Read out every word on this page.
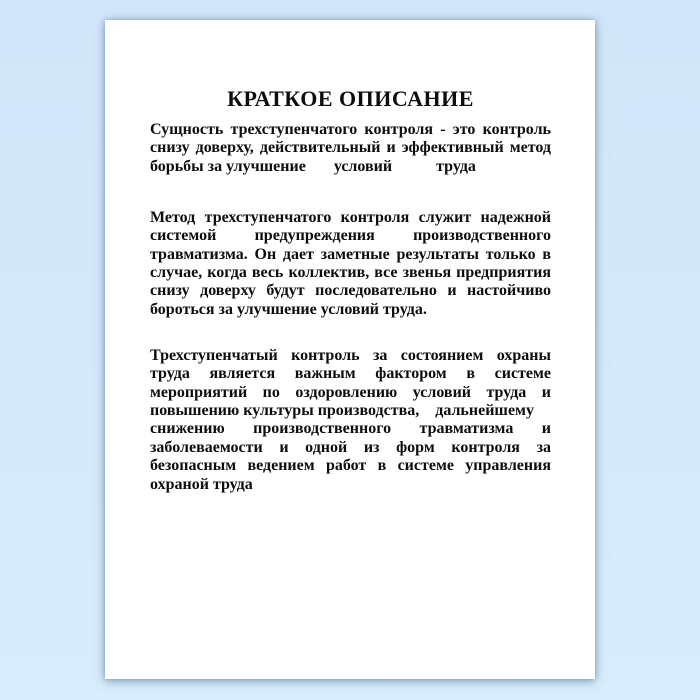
КРАТКОЕ ОПИСАНИЕ
Сущность трехступенчатого контроля - это контроль
снизу доверху, действительный и эффективный метод
борьбы за улучшение       условий           труда
Метод трехступенчатого контроля служит надежной
системой предупреждения производственного
травматизма. Он дает заметные результаты только в
случае, когда весь коллектив, все звенья предприятия
снизу доверху будут последовательно и настойчиво
бороться за улучшение условий труда.
Трехступенчатый контроль за состоянием охраны
труда является важным фактором в системе
мероприятий по оздоровлению условий труда и
повышению культуры производства,    дальнейшему
снижению производственного травматизма и
заболеваемости и одной из форм контроля за
безопасным ведением работ в системе управления
охраной труда
